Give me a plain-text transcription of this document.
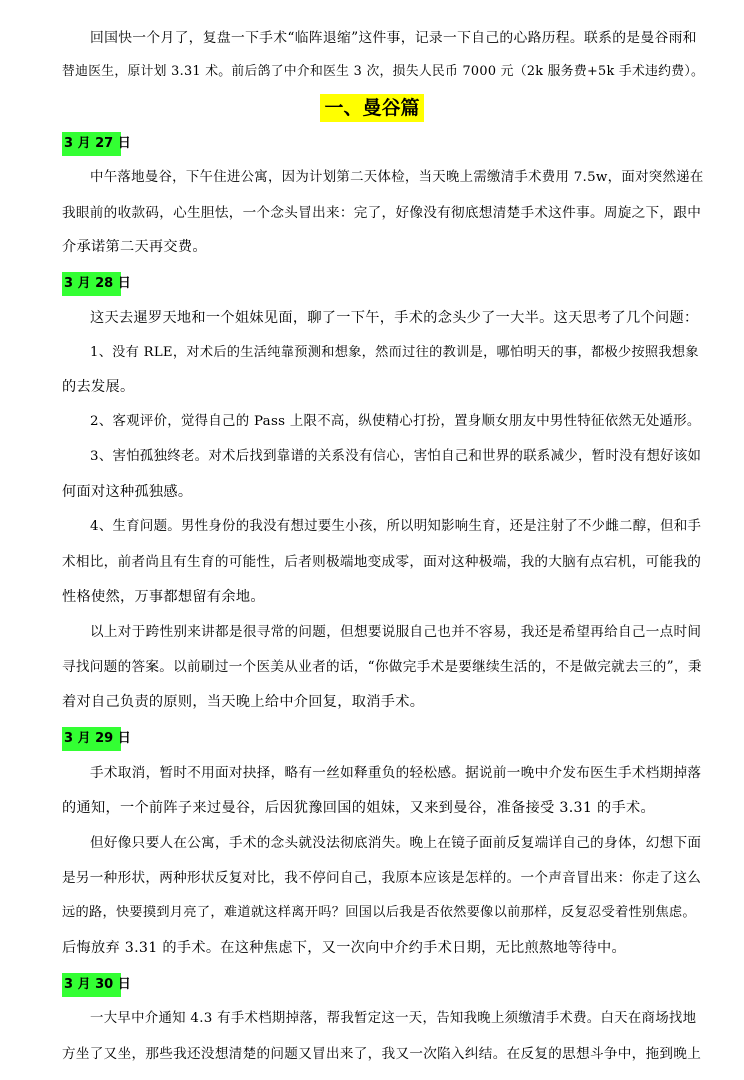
回国快一个月了，复盘一下手术“临阵退缩”这件事，记录一下自己的心路历程。联系的是曼谷雨和
替迪医生，原计划 3.31 术。前后鸽了中介和医生 3 次，损失人民币 7000 元（2k 服务费+5k 手术违约费）。
一、曼谷篇
3 月 27 日
中午落地曼谷，下午住进公寓，因为计划第二天体检，当天晚上需缴清手术费用 7.5w，面对突然递在
我眼前的收款码，心生胆怯，一个念头冒出来：完了，好像没有彻底想清楚手术这件事。周旋之下，跟中
介承诺第二天再交费。
3 月 28 日
这天去暹罗天地和一个姐妹见面，聊了一下午，手术的念头少了一大半。这天思考了几个问题：
1、没有 RLE，对术后的生活纯靠预测和想象，然而过往的教训是，哪怕明天的事，都极少按照我想象
的去发展。
2、客观评价，觉得自己的 Pass 上限不高，纵使精心打扮，置身顺女朋友中男性特征依然无处遁形。
3、害怕孤独终老。对术后找到靠谱的关系没有信心，害怕自己和世界的联系减少，暂时没有想好该如
何面对这种孤独感。
4、生育问题。男性身份的我没有想过要生小孩，所以明知影响生育，还是注射了不少雌二醇，但和手
术相比，前者尚且有生育的可能性，后者则极端地变成零，面对这种极端，我的大脑有点宕机，可能我的
性格使然，万事都想留有余地。
以上对于跨性别来讲都是很寻常的问题，但想要说服自己也并不容易，我还是希望再给自己一点时间
寻找问题的答案。以前刷过一个医美从业者的话，“你做完手术是要继续生活的，不是做完就去三的”，秉
着对自己负责的原则，当天晚上给中介回复，取消手术。
3 月 29 日
手术取消，暂时不用面对抉择，略有一丝如释重负的轻松感。据说前一晚中介发布医生手术档期掉落
的通知，一个前阵子来过曼谷，后因犹豫回国的姐妹，又来到曼谷，准备接受 3.31 的手术。
但好像只要人在公寓，手术的念头就没法彻底消失。晚上在镜子面前反复端详自己的身体，幻想下面
是另一种形状，两种形状反复对比，我不停问自己，我原本应该是怎样的。一个声音冒出来：你走了这么
远的路，快要摸到月亮了，难道就这样离开吗？回国以后我是否依然要像以前那样，反复忍受着性别焦虑。
后悔放弃 3.31 的手术。在这种焦虑下，又一次向中介约手术日期，无比煎熬地等待中。
3 月 30 日
一大早中介通知 4.3 有手术档期掉落，帮我暂定这一天，告知我晚上须缴清手术费。白天在商场找地
方坐了又坐，那些我还没想清楚的问题又冒出来了，我又一次陷入纠结。在反复的思想斗争中，拖到晚上
